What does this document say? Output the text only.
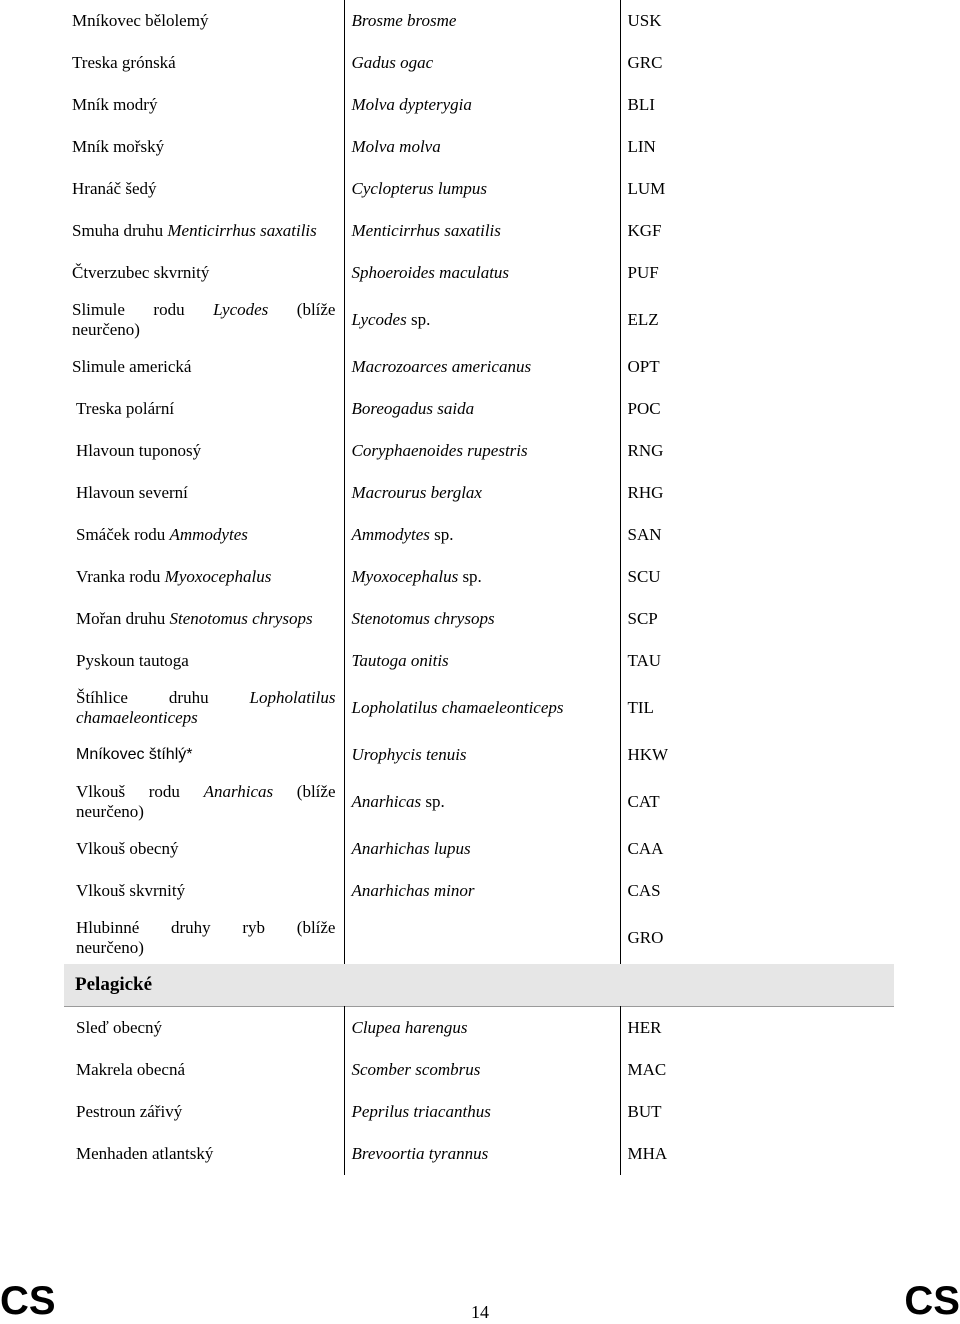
Mníkovec bělolemý	Brosme brosme	USK
Treska grónská	Gadus ogac	GRC
Mník modrý	Molva dypterygia	BLI
Mník mořský	Molva molva	LIN
Hranáč šedý	Cyclopterus lumpus	LUM
Smuha druhu Menticirrhus saxatilis	Menticirrhus saxatilis	KGF
Čtverzubec skvrnitý	Sphoeroides maculatus	PUF

Slimule rodu Lycodes (blíže
neurčeno)	Lycodes sp.	ELZ
Slimule americká	Macrozoarces americanus	OPT
Treska polární	Boreogadus saida	POC
Hlavoun tuponosý	Coryphaenoides rupestris	RNG
Hlavoun severní	Macrourus berglax	RHG
Smáček rodu Ammodytes	Ammodytes sp.	SAN
Vranka rodu Myoxocephalus	Myoxocephalus sp.	SCU
Mořan druhu Stenotomus chrysops	Stenotomus chrysops	SCP
Pyskoun tautoga	Tautoga onitis	TAU

Štíhlice druhu Lopholatilus
chamaeleonticeps	Lopholatilus chamaeleonticeps	TIL
Mníkovec štíhlý*	Urophycis tenuis	HKW

Vlkouš rodu Anarhicas (blíže
neurčeno)	Anarhicas sp.	CAT
Vlkouš obecný	Anarhichas lupus	CAA
Vlkouš skvrnitý	Anarhichas minor	CAS

Hlubinné druhy ryb (blíže
neurčeno)		GRO
Pelagické		
Sleď obecný	Clupea harengus	HER
Makrela obecná	Scomber scombrus	MAC
Pestroun zářivý	Peprilus triacanthus	BUT
Menhaden atlantský	Brevoortia tyrannus	MHA
CS	14	CS
